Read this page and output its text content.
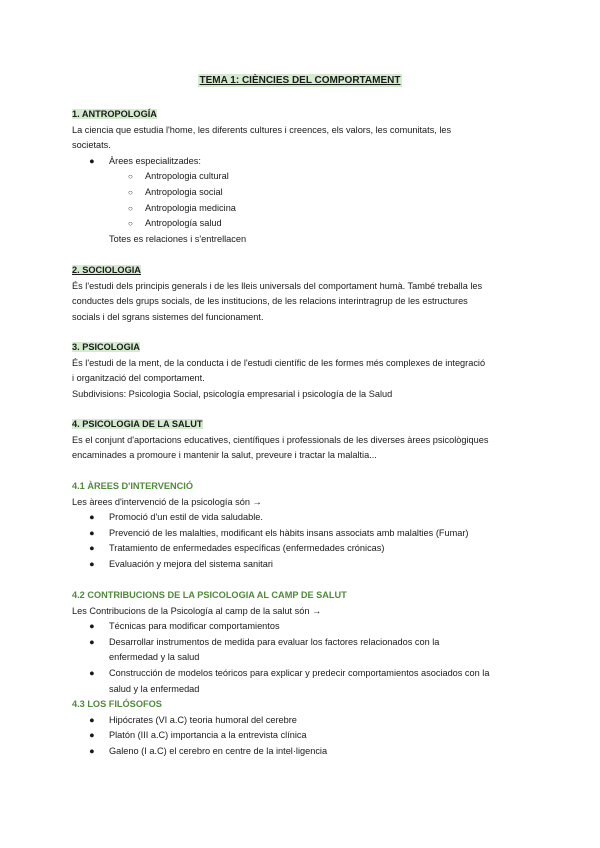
TEMA 1: CIÈNCIES DEL COMPORTAMENT
1. ANTROPOLOGÍA

La ciencia que estudia l'home, les diferents cultures i creences, els valors, les comunitats, les

societats.

● Àrees especialitzades:
○ Antropologia cultural
○ Antropologia social
○ Antropologia medicina
○ Antropología salud

Totes es relaciones i s'entrellacen

2. SOCIOLOGIA

És l'estudi dels principis generals i de les lleis universals del comportament humà. També treballa les

conductes dels grups socials, de les institucions, de les relacions interintragrup de les estructures

socials i del sgrans sistemes del funcionament.

3. PSICOLOGIA

És l'estudi de la ment, de la conducta i de l'estudi científic de les formes més complexes de integració

i organització del comportament.

Subdivisions: Psicologia Social, psicología empresarial i psicología de la Salud

4. PSICOLOGIA DE LA SALUT

Es el conjunt d'aportacions educatives, científiques i professionals de les diverses àrees psicològiques

encaminades a promoure i mantenir la salut, preveure i tractar la malaltia...

4.1 ÀREES D'INTERVENCIÓ

Les àrees d'intervenció de la psicología són →

● Promoció d'un estil de vida saludable.
● Prevenció de les malalties, modificant els hàbits insans associats amb malalties (Fumar)
● Tratamiento de enfermedades específicas (enfermedades crónicas)
● Evaluación y mejora del sistema sanitari
4.2 CONTRIBUCIONS DE LA PSICOLOGIA AL CAMP DE SALUT

Les Contribucions de la Psicología al camp de la salut són →

● Técnicas para modificar comportamientos
● Desarrollar instrumentos de medida para evaluar los factores relacionados con la
enfermedad y la salud
● Construcción de modelos teóricos para explicar y predecir comportamientos asociados con la
salud y la enfermedad
4.3 LOS FILÓSOFOS
● Hipócrates (VI a.C) teoria humoral del cerebre
● Platón (III a.C) importancia a la entrevista clínica
● Galeno (I a.C) el cerebro en centre de la intel·ligencia
